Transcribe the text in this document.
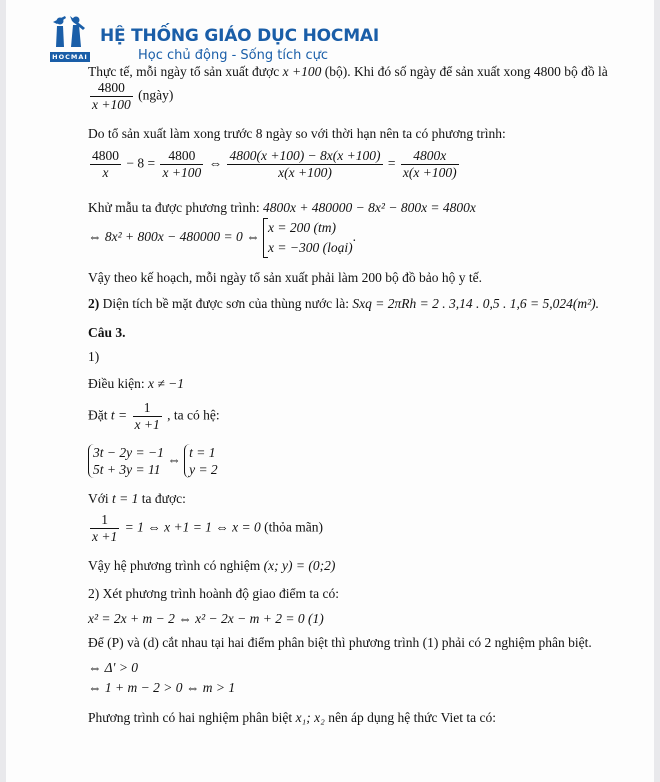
HOCMAI
HỆ THỐNG GIÁO DỤC HOCMAI
Học chủ động - Sống tích cực
Thực tế, mỗi ngày tổ sản xuất được x +100 (bộ). Khi đó số ngày để sản xuất xong 4800 bộ đồ là
$\frac{4800}{x +100}$ (ngày)
Do tổ sản xuất làm xong trước 8 ngày so với thời hạn nên ta có phương trình:
$\frac{4800}{x} - 8 = \frac{4800}{x +100}$ ⇔ $\frac{4800(x +100) - 8x(x +100)}{x(x +100)} = \frac{4800x}{x(x +100)}$
Khử mẫu ta được phương trình: 4800x + 480000 − 8x² − 800x = 4800x
⇔ 8x² + 800x − 480000 = 0 ⇔
x = 200 (tm)
x = −300 (loại)
.
Vậy theo kế hoạch, mỗi ngày tổ sản xuất phải làm 200 bộ đồ bảo hộ y tế.
2) Diện tích bề mặt được sơn của thùng nước là: Sxq = 2πRh = 2 . 3,14 . 0,5 . 1,6 = 5,024(m²).
Câu 3.
1)
Điều kiện: x ≠ −1
Đặt $t = \frac{1}{x +1}$ , ta có hệ:
3t − 2y = −1
5t + 3y = 11
⇔ t = 1
y = 2
Với t = 1 ta được:
$\frac{1}{x +1} = 1$ ⇔ x +1 = 1 ⇔ x = 0 (thỏa mãn)
Vậy hệ phương trình có nghiệm (x; y) = (0;2)
2) Xét phương trình hoành độ giao điểm ta có:
x² = 2x + m − 2 ⇔ x² − 2x − m + 2 = 0 (1)
Để (P) và (d) cắt nhau tại hai điểm phân biệt thì phương trình (1) phải có 2 nghiệm phân biệt.
⇔ Δ' > 0
⇔ 1 + m − 2 > 0 ⇔ m > 1
Phương trình có hai nghiệm phân biệt x₁; x₂ nên áp dụng hệ thức Viet ta có:
